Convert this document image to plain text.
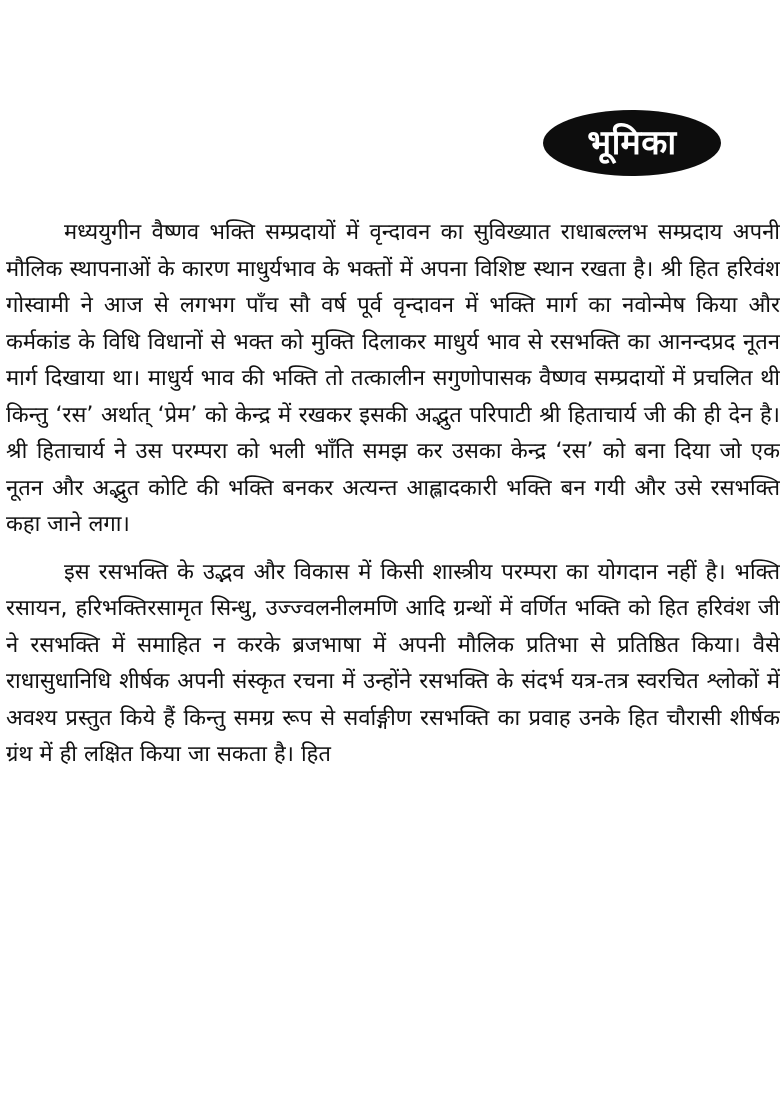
भूमिका

मध्ययुगीन वैष्णव भक्ति सम्प्रदायों में वृन्दावन का सुविख्यात राधाबल्लभ सम्प्रदाय अपनी मौलिक स्थापनाओं के कारण माधुर्यभाव के भक्तों में अपना विशिष्ट स्थान रखता है। श्री हित हरिवंश गोस्वामी ने आज से लगभग पाँच सौ वर्ष पूर्व वृन्दावन में भक्ति मार्ग का नवोन्मेष किया और कर्मकांड के विधि विधानों से भक्त को मुक्ति दिलाकर माधुर्य भाव से रसभक्ति का आनन्दप्रद नूतन मार्ग दिखाया था। माधुर्य भाव की भक्ति तो तत्कालीन सगुणोपासक वैष्णव सम्प्रदायों में प्रचलित थी किन्तु ‘रस’ अर्थात् ‘प्रेम’ को केन्द्र में रखकर इसकी अद्भुत परिपाटी श्री हिताचार्य जी की ही देन है। श्री हिताचार्य ने उस परम्परा को भली भाँति समझ कर उसका केन्द्र ‘रस’ को बना दिया जो एक नूतन और अद्भुत कोटि की भक्ति बनकर अत्यन्त आह्लादकारी भक्ति बन गयी और उसे रसभक्ति कहा जाने लगा।

इस रसभक्ति के उद्भव और विकास में किसी शास्त्रीय परम्परा का योगदान नहीं है। भक्ति रसायन, हरिभक्तिरसामृत सिन्धु, उज्ज्वलनीलमणि आदि ग्रन्थों में वर्णित भक्ति को हित हरिवंश जी ने रसभक्ति में समाहित न करके ब्रजभाषा में अपनी मौलिक प्रतिभा से प्रतिष्ठित किया। वैसे राधासुधानिधि शीर्षक अपनी संस्कृत रचना में उन्होंने रसभक्ति के संदर्भ यत्र-तत्र स्वरचित श्लोकों में अवश्य प्रस्तुत किये हैं किन्तु समग्र रूप से सर्वाङ्गीण रसभक्ति का प्रवाह उनके हित चौरासी शीर्षक ग्रंथ में ही लक्षित किया जा सकता है। हित
